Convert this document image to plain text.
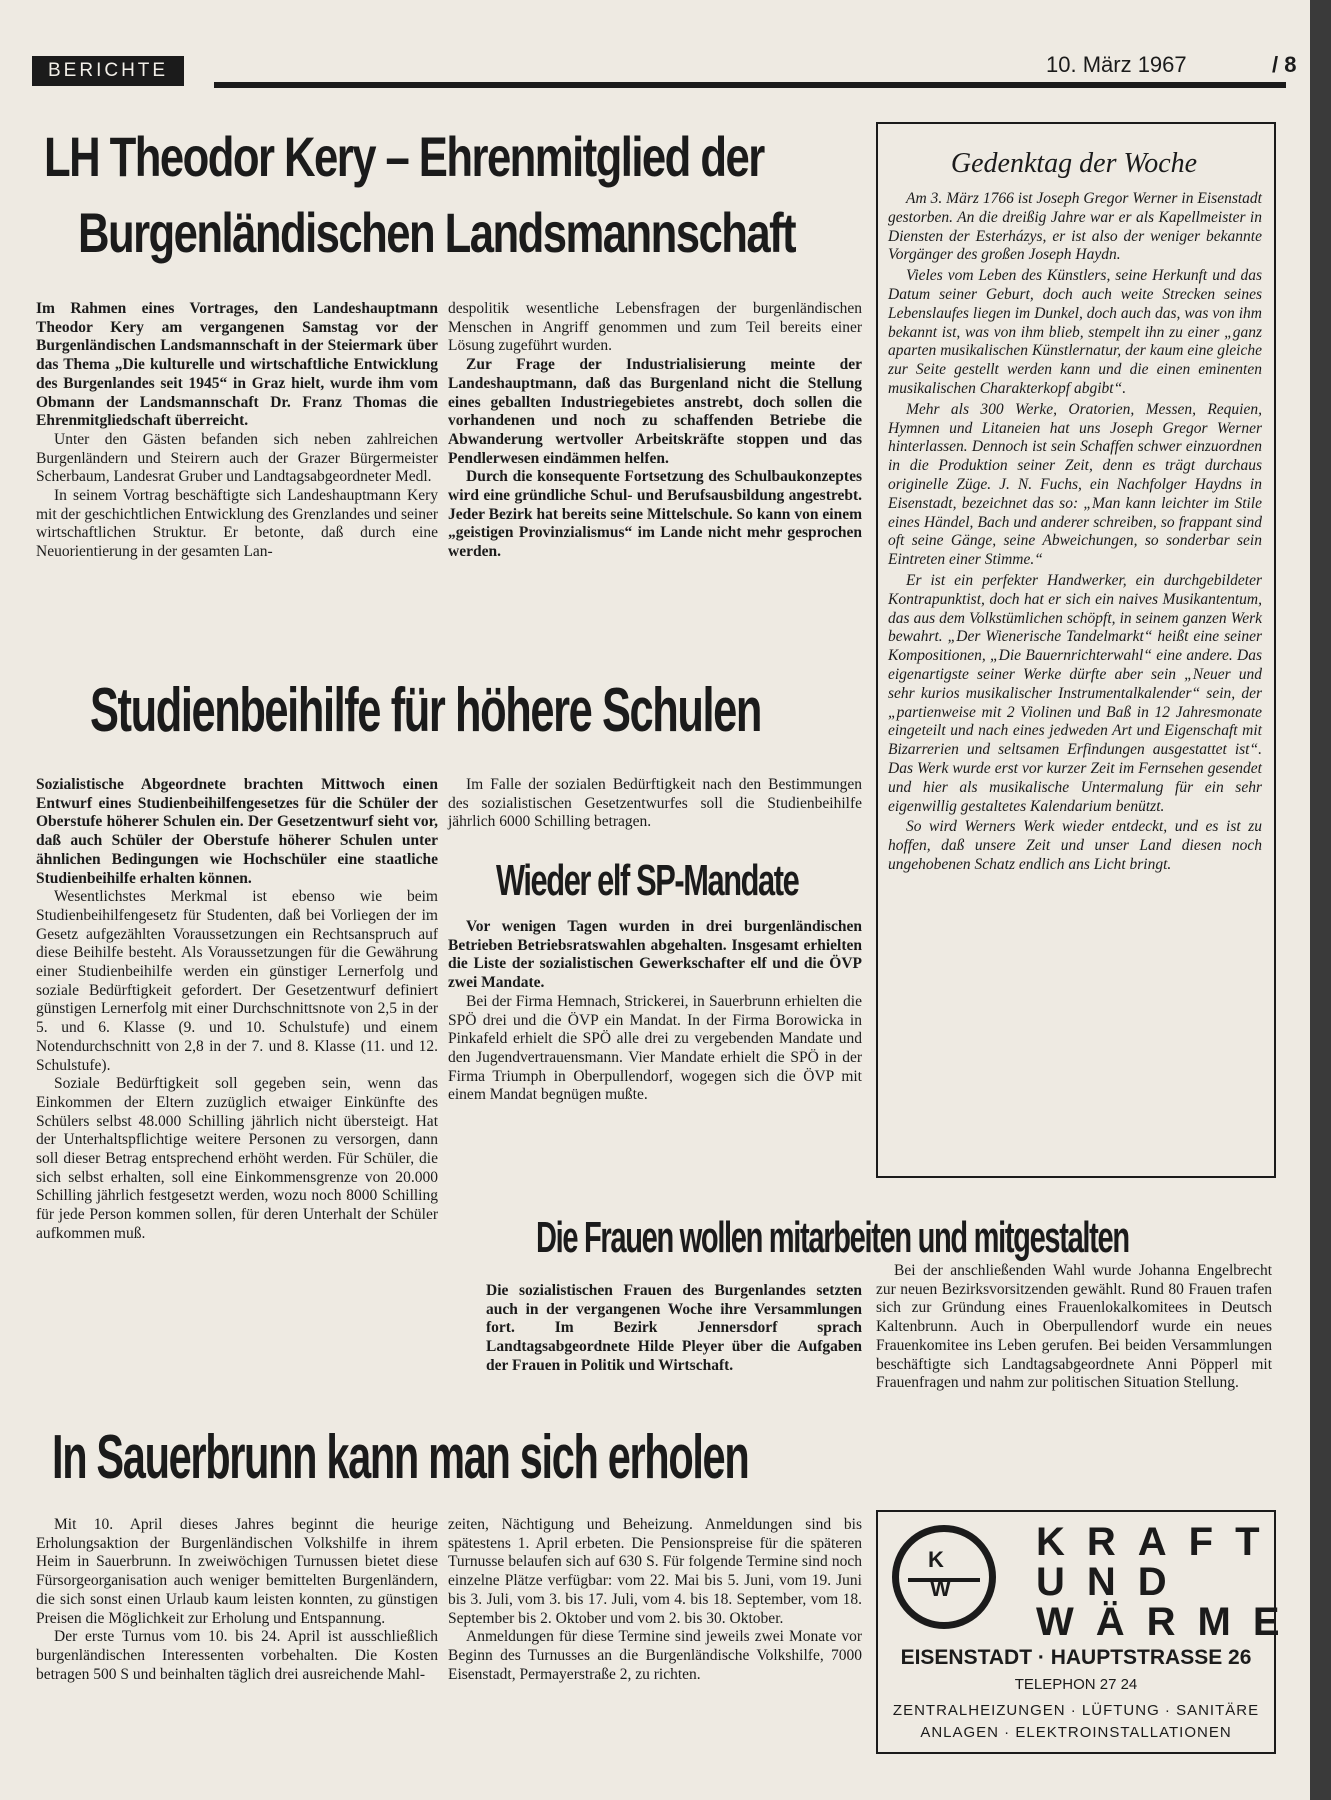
BERICHTE	10. März 1967	/ 8
LH Theodor Kery – Ehrenmitglied der
Burgenländischen Landsmannschaft

Im Rahmen eines Vortrages, den Landeshauptmann Theodor Kery am vergangenen Samstag vor der Burgenländischen Landsmannschaft in der Steiermark über das Thema „Die kulturelle und wirtschaftliche Entwicklung des Burgenlandes seit 1945“ in Graz hielt, wurde ihm vom Obmann der Landsmannschaft Dr. Franz Thomas die Ehrenmitgliedschaft überreicht.

Unter den Gästen befanden sich neben zahlreichen Burgenländern und Steirern auch der Grazer Bürgermeister Scherbaum, Landesrat Gruber und Landtagsabgeordneter Medl.

In seinem Vortrag beschäftigte sich Landeshauptmann Kery mit der geschichtlichen Entwicklung des Grenzlandes und seiner wirtschaftlichen Struktur. Er betonte, daß durch eine Neuorientierung in der gesamten Lan-

despolitik wesentliche Lebensfragen der burgenländischen Menschen in Angriff genommen und zum Teil bereits einer Lösung zugeführt wurden.

Zur Frage der Industrialisierung meinte der Landeshauptmann, daß das Burgenland nicht die Stellung eines geballten Industriegebietes anstrebt, doch sollen die vorhandenen und noch zu schaffenden Betriebe die Abwanderung wertvoller Arbeitskräfte stoppen und das Pendlerwesen eindämmen helfen.

Durch die konsequente Fortsetzung des Schulbaukonzeptes wird eine gründliche Schul- und Berufsausbildung angestrebt. Jeder Bezirk hat bereits seine Mittelschule. So kann von einem „geistigen Provinzialismus“ im Lande nicht mehr gesprochen werden.

Studienbeihilfe für höhere Schulen

Sozialistische Abgeordnete brachten Mittwoch einen Entwurf eines Studienbeihilfengesetzes für die Schüler der Oberstufe höherer Schulen ein. Der Gesetzentwurf sieht vor, daß auch Schüler der Oberstufe höherer Schulen unter ähnlichen Bedingungen wie Hochschüler eine staatliche Studienbeihilfe erhalten können.

Wesentlichstes Merkmal ist ebenso wie beim Studienbeihilfengesetz für Studenten, daß bei Vorliegen der im Gesetz aufgezählten Voraussetzungen ein Rechtsanspruch auf diese Beihilfe besteht. Als Voraussetzungen für die Gewährung einer Studienbeihilfe werden ein günstiger Lernerfolg und soziale Bedürftigkeit gefordert. Der Gesetzentwurf definiert günstigen Lernerfolg mit einer Durchschnittsnote von 2,5 in der 5. und 6. Klasse (9. und 10. Schulstufe) und einem Notendurchschnitt von 2,8 in der 7. und 8. Klasse (11. und 12. Schulstufe).

Soziale Bedürftigkeit soll gegeben sein, wenn das Einkommen der Eltern zuzüglich etwaiger Einkünfte des Schülers selbst 48.000 Schilling jährlich nicht übersteigt. Hat der Unterhaltspflichtige weitere Personen zu versorgen, dann soll dieser Betrag entsprechend erhöht werden. Für Schüler, die sich selbst erhalten, soll eine Einkommensgrenze von 20.000 Schilling jährlich festgesetzt werden, wozu noch 8000 Schilling für jede Person kommen sollen, für deren Unterhalt der Schüler aufkommen muß.

Im Falle der sozialen Bedürftigkeit nach den Bestimmungen des sozialistischen Gesetzentwurfes soll die Studienbeihilfe jährlich 6000 Schilling betragen.

Wieder elf SP-Mandate

Vor wenigen Tagen wurden in drei burgenländischen Betrieben Betriebsratswahlen abgehalten. Insgesamt erhielten die Liste der sozialistischen Gewerkschafter elf und die ÖVP zwei Mandate.

Bei der Firma Hemnach, Strickerei, in Sauerbrunn erhielten die SPÖ drei und die ÖVP ein Mandat. In der Firma Borowicka in Pinkafeld erhielt die SPÖ alle drei zu vergebenden Mandate und den Jugendvertrauensmann. Vier Mandate erhielt die SPÖ in der Firma Triumph in Oberpullendorf, wogegen sich die ÖVP mit einem Mandat begnügen mußte.

Gedenktag der Woche

Am 3. März 1766 ist Joseph Gregor Werner in Eisenstadt gestorben. An die dreißig Jahre war er als Kapellmeister in Diensten der Esterházys, er ist also der weniger bekannte Vorgänger des großen Joseph Haydn.

Vieles vom Leben des Künstlers, seine Herkunft und das Datum seiner Geburt, doch auch weite Strecken seines Lebenslaufes liegen im Dunkel, doch auch das, was von ihm bekannt ist, was von ihm blieb, stempelt ihn zu einer „ganz aparten musikalischen Künstlernatur, der kaum eine gleiche zur Seite gestellt werden kann und die einen eminenten musikalischen Charakterkopf abgibt“.

Mehr als 300 Werke, Oratorien, Messen, Requien, Hymnen und Litaneien hat uns Joseph Gregor Werner hinterlassen. Dennoch ist sein Schaffen schwer einzuordnen in die Produktion seiner Zeit, denn es trägt durchaus originelle Züge. J. N. Fuchs, ein Nachfolger Haydns in Eisenstadt, bezeichnet das so: „Man kann leichter im Stile eines Händel, Bach und anderer schreiben, so frappant sind oft seine Gänge, seine Abweichungen, so sonderbar sein Eintreten einer Stimme.“

Er ist ein perfekter Handwerker, ein durchgebildeter Kontrapunktist, doch hat er sich ein naives Musikantentum, das aus dem Volkstümlichen schöpft, in seinem ganzen Werk bewahrt. „Der Wienerische Tandelmarkt“ heißt eine seiner Kompositionen, „Die Bauernrichterwahl“ eine andere. Das eigenartigste seiner Werke dürfte aber sein „Neuer und sehr kurios musikalischer Instrumentalkalender“ sein, der „partienweise mit 2 Violinen und Baß in 12 Jahresmonate eingeteilt und nach eines jedweden Art und Eigenschaft mit Bizarrerien und seltsamen Erfindungen ausgestattet ist“. Das Werk wurde erst vor kurzer Zeit im Fernsehen gesendet und hier als musikalische Untermalung für ein sehr eigenwillig gestaltetes Kalendarium benützt.

So wird Werners Werk wieder entdeckt, und es ist zu hoffen, daß unsere Zeit und unser Land diesen noch ungehobenen Schatz endlich ans Licht bringt.

Die Frauen wollen mitarbeiten und mitgestalten

Die sozialistischen Frauen des Burgenlandes setzten auch in der vergangenen Woche ihre Versammlungen fort. Im Bezirk Jennersdorf sprach Landtagsabgeordnete Hilde Pleyer über die Aufgaben der Frauen in Politik und Wirtschaft.

Bei der anschließenden Wahl wurde Johanna Engelbrecht zur neuen Bezirksvorsitzenden gewählt. Rund 80 Frauen trafen sich zur Gründung eines Frauenlokalkomitees in Deutsch Kaltenbrunn. Auch in Oberpullendorf wurde ein neues Frauenkomitee ins Leben gerufen. Bei beiden Versammlungen beschäftigte sich Landtagsabgeordnete Anni Pöpperl mit Frauenfragen und nahm zur politischen Situation Stellung.

In Sauerbrunn kann man sich erholen

Mit 10. April dieses Jahres beginnt die heurige Erholungsaktion der Burgenländischen Volkshilfe in ihrem Heim in Sauerbrunn. In zweiwöchigen Turnussen bietet diese Fürsorgeorganisation auch weniger bemittelten Burgenländern, die sich sonst einen Urlaub kaum leisten konnten, zu günstigen Preisen die Möglichkeit zur Erholung und Entspannung.

Der erste Turnus vom 10. bis 24. April ist ausschließlich burgenländischen Interessenten vorbehalten. Die Kosten betragen 500 S und beinhalten täglich drei ausreichende Mahl-

zeiten, Nächtigung und Beheizung. Anmeldungen sind bis spätestens 1. April erbeten. Die Pensionspreise für die späteren Turnusse belaufen sich auf 630 S. Für folgende Termine sind noch einzelne Plätze verfügbar: vom 22. Mai bis 5. Juni, vom 19. Juni bis 3. Juli, vom 3. bis 17. Juli, vom 4. bis 18. September, vom 18. September bis 2. Oktober und vom 2. bis 30. Oktober.

Anmeldungen für diese Termine sind jeweils zwei Monate vor Beginn des Turnusses an die Burgenländische Volkshilfe, 7000 Eisenstadt, Permayerstraße 2, zu richten.

K
W
KRAFT
UND
WÄRME
EISENSTADT · HAUPTSTRASSE 26
TELEPHON 27 24
ZENTRALHEIZUNGEN · LÜFTUNG · SANITÄRE
ANLAGEN · ELEKTROINSTALLATIONEN
